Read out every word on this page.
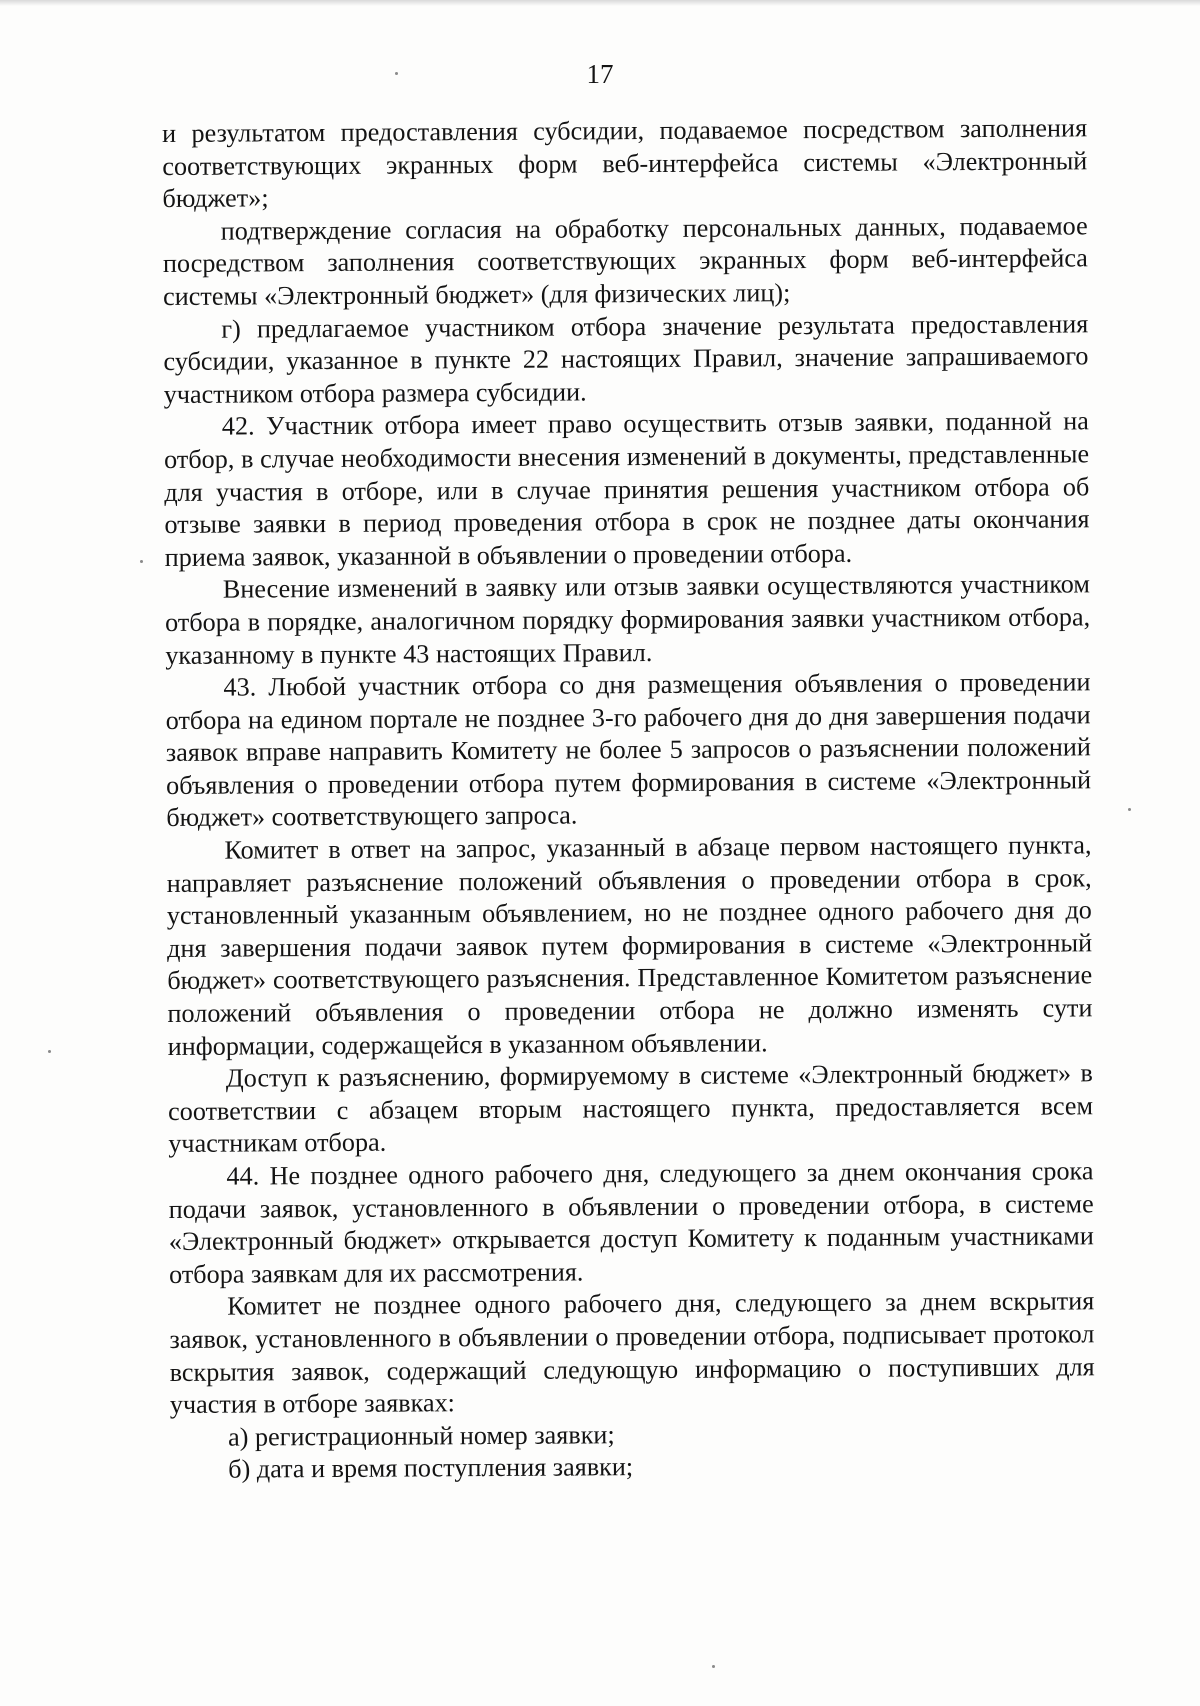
17

и результатом предоставления субсидии, подаваемое посредством заполнения соответствующих экранных форм веб-интерфейса системы «Электронный бюджет»;

подтверждение согласия на обработку персональных данных, подаваемое посредством заполнения соответствующих экранных форм веб-интерфейса системы «Электронный бюджет» (для физических лиц);

г) предлагаемое участником отбора значение результата предоставления субсидии, указанное в пункте 22 настоящих Правил, значение запрашиваемого участником отбора размера субсидии.

42. Участник отбора имеет право осуществить отзыв заявки, поданной на отбор, в случае необходимости внесения изменений в документы, представленные для участия в отборе, или в случае принятия решения участником отбора об отзыве заявки в период проведения отбора в срок не позднее даты окончания приема заявок, указанной в объявлении о проведении отбора.

Внесение изменений в заявку или отзыв заявки осуществляются участником отбора в порядке, аналогичном порядку формирования заявки участником отбора, указанному в пункте 43 настоящих Правил.

43. Любой участник отбора со дня размещения объявления о проведении отбора на едином портале не позднее 3-го рабочего дня до дня завершения подачи заявок вправе направить Комитету не более 5 запросов о разъяснении положений объявления о проведении отбора путем формирования в системе «Электронный бюджет» соответствующего запроса.

Комитет в ответ на запрос, указанный в абзаце первом настоящего пункта, направляет разъяснение положений объявления о проведении отбора в срок, установленный указанным объявлением, но не позднее одного рабочего дня до дня завершения подачи заявок путем формирования в системе «Электронный бюджет» соответствующего разъяснения. Представленное Комитетом разъяснение положений объявления о проведении отбора не должно изменять сути информации, содержащейся в указанном объявлении.

Доступ к разъяснению, формируемому в системе «Электронный бюджет» в соответствии с абзацем вторым настоящего пункта, предоставляется всем участникам отбора.

44. Не позднее одного рабочего дня, следующего за днем окончания срока подачи заявок, установленного в объявлении о проведении отбора, в системе «Электронный бюджет» открывается доступ Комитету к поданным участниками отбора заявкам для их рассмотрения.

Комитет не позднее одного рабочего дня, следующего за днем вскрытия заявок, установленного в объявлении о проведении отбора, подписывает протокол вскрытия заявок, содержащий следующую информацию о поступивших для участия в отборе заявках:

а) регистрационный номер заявки;

б) дата и время поступления заявки;
